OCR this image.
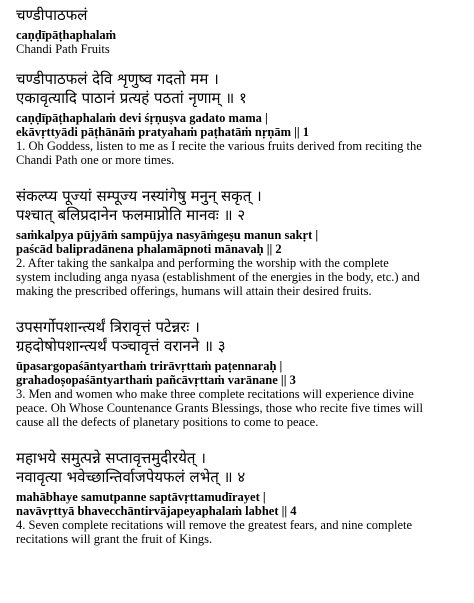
चण्डीपाठफलं
caṇḍīpāṭhaphalaṁ
Chandi Path Fruits
चण्डीपाठफलं देवि शृणुष्व गदतो मम ।
एकावृत्यादि पाठानं प्रत्यहं पठतां नृणाम् ॥ १
caṇḍīpāṭhaphalaṁ devi śṛṇuṣva gadato mama |
ekāvṛttyādi pāṭhānāṁ pratyahaṁ paṭhatāṁ nṛṇām || 1
1. Oh Goddess, listen to me as I recite the various fruits derived from reciting the
Chandi Path one or more times.
संकल्प्य पूज्यां सम्पूज्य नस्यांगेषु मनुन् सकृत् ।
पश्चात् बलिप्रदानेन फलमाप्नोति मानवः ॥ २
saṁkalpya pūjyāṁ sampūjya nasyāṁgeṣu manun sakṛt |
paścād balipradānena phalamāpnoti mānavaḥ || 2
2. After taking the sankalpa and performing the worship with the complete
system including anga nyasa (establishment of the energies in the body, etc.) and
making the prescribed offerings, humans will attain their desired fruits.
उपसर्गोपशान्त्यर्थं त्रिरावृत्तं पटेन्नरः ।
ग्रहदोषोपशान्त्यर्थं पञ्चावृत्तं वरानने ॥ ३
ūpasargopaśāntyarthaṁ trirāvṛttaṁ paṭennaraḥ |
grahadoṣopaśāntyarthaṁ pañcāvṛttaṁ varānane || 3
3. Men and women who make three complete recitations will experience divine
peace. Oh Whose Countenance Grants Blessings, those who recite five times will
cause all the defects of planetary positions to come to peace.
महाभये समुत्पन्ने सप्तावृत्तमुदीरयेत् ।
नवावृत्या भवेच्छान्तिर्वाजपेयफलं लभेत् ॥ ४
mahābhaye samutpanne saptāvṛttamudīrayet |
navāvṛttyā bhavecchāntirvājapeyaphalaṁ labhet || 4
4. Seven complete recitations will remove the greatest fears, and nine complete
recitations will grant the fruit of Kings.
